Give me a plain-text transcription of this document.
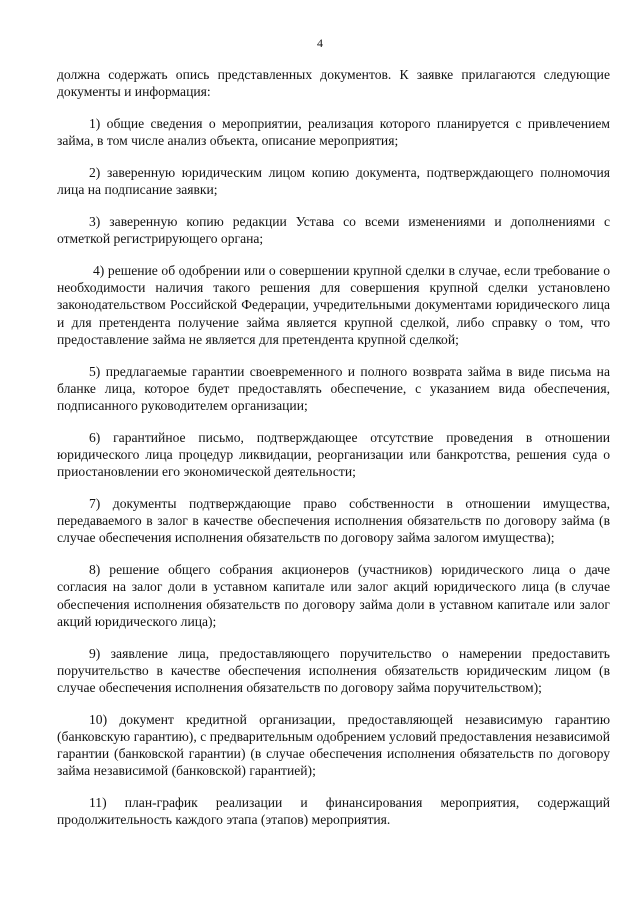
4

должна содержать опись представленных документов. К заявке прилагаются следующие документы и информация:

1) общие сведения о мероприятии, реализация которого планируется с привлечением займа, в том числе анализ объекта, описание мероприятия;

2) заверенную юридическим лицом копию документа, подтверждающего полномочия лица на подписание заявки;

3) заверенную копию редакции Устава со всеми изменениями и дополнениями с отметкой регистрирующего органа;

4) решение об одобрении или о совершении крупной сделки в случае, если требование о необходимости наличия такого решения для совершения крупной сделки установлено законодательством Российской Федерации, учредительными документами юридического лица и для претендента получение займа является крупной сделкой, либо справку о том, что предоставление займа не является для претендента крупной сделкой;

5) предлагаемые гарантии своевременного и полного возврата займа в виде письма на бланке лица, которое будет предоставлять обеспечение, с указанием вида обеспечения, подписанного руководителем организации;

6) гарантийное письмо, подтверждающее отсутствие проведения в отношении юридического лица процедур ликвидации, реорганизации или банкротства, решения суда о приостановлении его экономической деятельности;

7) документы подтверждающие право собственности в отношении имущества, передаваемого в залог в качестве обеспечения исполнения обязательств по договору займа (в случае обеспечения исполнения обязательств по договору займа залогом имущества);

8) решение общего собрания акционеров (участников) юридического лица о даче согласия на залог доли в уставном капитале или залог акций юридического лица (в случае обеспечения исполнения обязательств по договору займа доли в уставном капитале или залог акций юридического лица);

9) заявление лица, предоставляющего поручительство о намерении предоставить поручительство в качестве обеспечения исполнения обязательств юридическим лицом (в случае обеспечения исполнения обязательств по договору займа поручительством);

10) документ кредитной организации, предоставляющей независимую гарантию (банковскую гарантию), с предварительным одобрением условий предоставления независимой гарантии (банковской гарантии) (в случае обеспечения исполнения обязательств по договору займа независимой (банковской) гарантией);

11) план-график реализации и финансирования мероприятия, содержащий продолжительность каждого этапа (этапов) мероприятия.
